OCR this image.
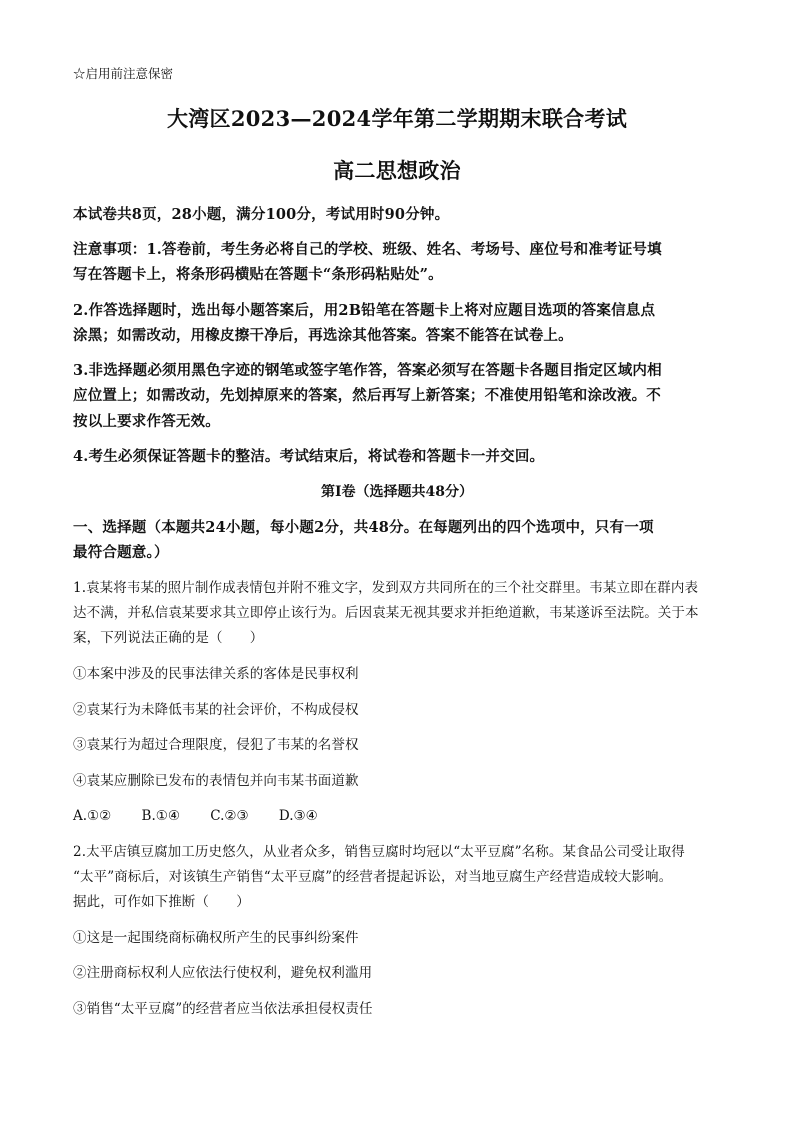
☆启用前注意保密
大湾区2023—2024学年第二学期期末联合考试
高二思想政治
本试卷共8页，28小题，满分100分，考试用时90分钟。
注意事项：1.答卷前，考生务必将自己的学校、班级、姓名、考场号、座位号和准考证号填
写在答题卡上，将条形码横贴在答题卡“条形码粘贴处”。
2.作答选择题时，选出每小题答案后，用2B铅笔在答题卡上将对应题目选项的答案信息点
涂黑；如需改动，用橡皮擦干净后，再选涂其他答案。答案不能答在试卷上。
3.非选择题必须用黑色字迹的钢笔或签字笔作答，答案必须写在答题卡各题目指定区域内相
应位置上；如需改动，先划掉原来的答案，然后再写上新答案；不准使用铅笔和涂改液。不
按以上要求作答无效。
4.考生必须保证答题卡的整洁。考试结束后，将试卷和答题卡一并交回。
第Ⅰ卷（选择题共48分）
一、选择题（本题共24小题，每小题2分，共48分。在每题列出的四个选项中，只有一项
最符合题意。）
1.袁某将韦某的照片制作成表情包并附不雅文字，发到双方共同所在的三个社交群里。韦某立即在群内表
达不满，并私信袁某要求其立即停止该行为。后因袁某无视其要求并拒绝道歉，韦某遂诉至法院。关于本
案，下列说法正确的是（　　）
①本案中涉及的民事法律关系的客体是民事权利
②袁某行为未降低韦某的社会评价，不构成侵权
③袁某行为超过合理限度，侵犯了韦某的名誉权
④袁某应删除已发布的表情包并向韦某书面道歉
A.①② B.①④ C.②③ D.③④
2.太平店镇豆腐加工历史悠久，从业者众多，销售豆腐时均冠以“太平豆腐”名称。某食品公司受让取得
“太平”商标后，对该镇生产销售“太平豆腐”的经营者提起诉讼，对当地豆腐生产经营造成较大影响。
据此，可作如下推断（　　）
①这是一起围绕商标确权所产生的民事纠纷案件
②注册商标权利人应依法行使权利，避免权利滥用
③销售“太平豆腐”的经营者应当依法承担侵权责任
